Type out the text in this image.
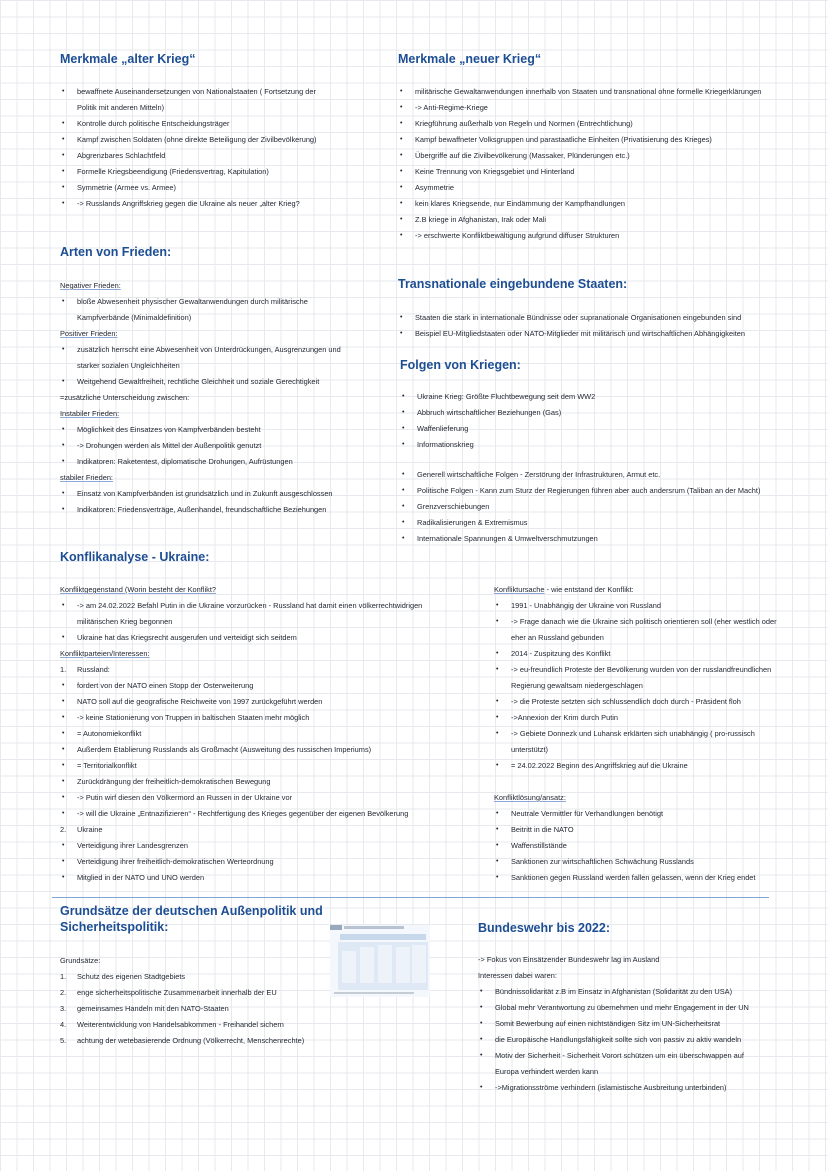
Merkmale „alter Krieg“
• bewaffnete Auseinandersetzungen von Nationalstaaten ( Fortsetzung der
Politik mit anderen Mitteln)
• Kontrolle durch politische Entscheidungsträger
• Kampf zwischen Soldaten (ohne direkte Beteiligung der Zivilbevölkerung)
• Abgrenzbares Schlachtfeld
• Formelle Kriegsbeendigung (Friedensvertrag, Kapitulation)
• Symmetrie (Armee vs. Armee)
• -> Russlands Angriffskrieg gegen die Ukraine als neuer „alter Krieg?
Merkmale „neuer Krieg“
• militärische Gewaltanwendungen innerhalb von Staaten und transnational ohne formelle Kriegerklärungen
• -> Anti-Regime-Kriege
• Kriegführung außerhalb von Regeln und Normen (Entrechtlichung)
• Kampf bewaffneter Volksgruppen und parastaatliche Einheiten (Privatisierung des Krieges)
• Übergriffe auf die Zivilbevölkerung (Massaker, Plünderungen etc.)
• Keine Trennung von Kriegsgebiet und Hinterland
• Asymmetrie
• kein klares Kriegsende, nur Eindämmung der Kampfhandlungen
• Z.B kriege in Afghanistan, Irak oder Mali
• -> erschwerte Konfliktbewältigung aufgrund diffuser Strukturen
Arten von Frieden:
Negativer Frieden:
• bloße Abwesenheit physischer Gewaltanwendungen durch militärische
Kampfverbände (Minimaldefinition)
Positiver Frieden:
• zusätzlich herrscht eine Abwesenheit von Unterdrückungen, Ausgrenzungen und
starker sozialen Ungleichheiten
• Weitgehend Gewaltfreiheit, rechtliche Gleichheit und soziale Gerechtigkeit
=zusätzliche Unterscheidung zwischen:
Instabiler Frieden:
• Möglichkeit des Einsatzes von Kampfverbänden besteht
• -> Drohungen werden als Mittel der Außenpolitik genutzt
• Indikatoren: Raketentest, diplomatische Drohungen, Aufrüstungen
stabiler Frieden:
• Einsatz von Kampfverbänden ist grundsätzlich und in Zukunft ausgeschlossen
• Indikatoren: Friedensverträge, Außenhandel, freundschaftliche Beziehungen
Transnationale eingebundene Staaten:
• Staaten die stark in internationale Bündnisse oder supranationale Organisationen eingebunden sind
• Beispiel EU-Mitgliedstaaten oder NATO-Mitglieder mit militärisch und wirtschaftlichen Abhängigkeiten
Folgen von Kriegen:
• Ukraine Krieg: Größte Fluchtbewegung seit dem WW2
• Abbruch wirtschaftlicher Beziehungen (Gas)
• Waffenlieferung
• Informationskrieg
• Generell wirtschaftliche Folgen - Zerstörung der Infrastrukturen, Armut etc.
• Politische Folgen - Kann zum Sturz der Regierungen führen aber auch andersrum (Taliban an der Macht)
• Grenzverschiebungen
• Radikalisierungen & Extremismus
• Internationale Spannungen & Umweltverschmutzungen
Konflikanalyse - Ukraine:
Konfliktgegenstand (Worin besteht der Konflikt?
• -> am 24.02.2022 Befahl Putin in die Ukraine vorzurücken - Russland hat damit einen völkerrechtwidrigen
militärischen Krieg begonnen
• Ukraine hat das Kriegsrecht ausgerufen und verteidigt sich seitdem
Konfliktparteien/Interessen:
1. Russland:
• fordert von der NATO einen Stopp der Osterweiterung
• NATO soll auf die geografische Reichweite von 1997 zurückgeführt werden
• -> keine Stationierung von Truppen in baltischen Staaten mehr möglich
• = Autonomiekonflikt
• Außerdem Etablierung Russlands als Großmacht (Ausweitung des russischen Imperiums)
• = Territorialkonflikt
• Zurückdrängung der freiheitlich-demokratischen Bewegung
• -> Putin wirf diesen den Völkermord an Russen in der Ukraine vor
• -> will die Ukraine „Entnazifizieren“ - Rechtfertigung des Krieges gegenüber der eigenen Bevölkerung
2. Ukraine
• Verteidigung ihrer Landesgrenzen
• Verteidigung ihrer freiheitlich-demokratischen Werteordnung
• Mitglied in der NATO und UNO werden
Konfliktursache - wie entstand der Konflikt:
• 1991 - Unabhängig der Ukraine von Russland
• -> Frage danach wie die Ukraine sich politisch orientieren soll (eher westlich oder
eher an Russland gebunden
• 2014 - Zuspitzung des Konflikt
• -> eu-freundlich Proteste der Bevölkerung wurden von der russlandfreundlichen
Regierung gewaltsam niedergeschlagen
• -> die Proteste setzten sich schlussendlich doch durch - Präsident floh
• ->Annexion der Krim durch Putin
• -> Gebiete Donnezk und Luhansk erklärten sich unabhängig ( pro-russisch
unterstützt)
• = 24.02.2022 Beginn des Angriffskrieg auf die Ukraine
Konfliktlösung/ansatz:
• Neutrale Vermittler für Verhandlungen benötigt
• Beitritt in die NATO
• Waffenstillstände
• Sanktionen zur wirtschaftlichen Schwächung Russlands
• Sanktionen gegen Russland werden fallen gelassen, wenn der Krieg endet
Grundsätze der deutschen Außenpolitik und
Sicherheitspolitik:
Grundsätze:
1. Schutz des eigenen Stadtgebiets
2. enge sicherheitspolitische Zusammenarbeit innerhalb der EU
3. gemeinsames Handeln mit den NATO-Staaten
4. Weiterentwicklung von Handelsabkommen - Freihandel sichern
5. achtung der wetebasierende Ordnung (Völkerrecht, Menschenrechte)
Bundeswehr bis 2022:
-> Fokus von Einsätzender Bundeswehr lag im Ausland
Interessen dabei waren:
• Bündnissolidarität z.B im Einsatz in Afghanistan (Solidarität zu den USA)
• Global mehr Verantwortung zu übernehmen und mehr Engagement in der UN
• Somit Bewerbung auf einen nichtständigen Sitz im UN-Sicherheitsrat
• die Europäische Handlungsfähigkeit sollte sich von passiv zu aktiv wandeln
• Motiv der Sicherheit - Sicherheit Vorort schützen um ein überschwappen auf
Europa verhindert werden kann
• ->Migrationsströme verhindern (islamistische Ausbreitung unterbinden)
